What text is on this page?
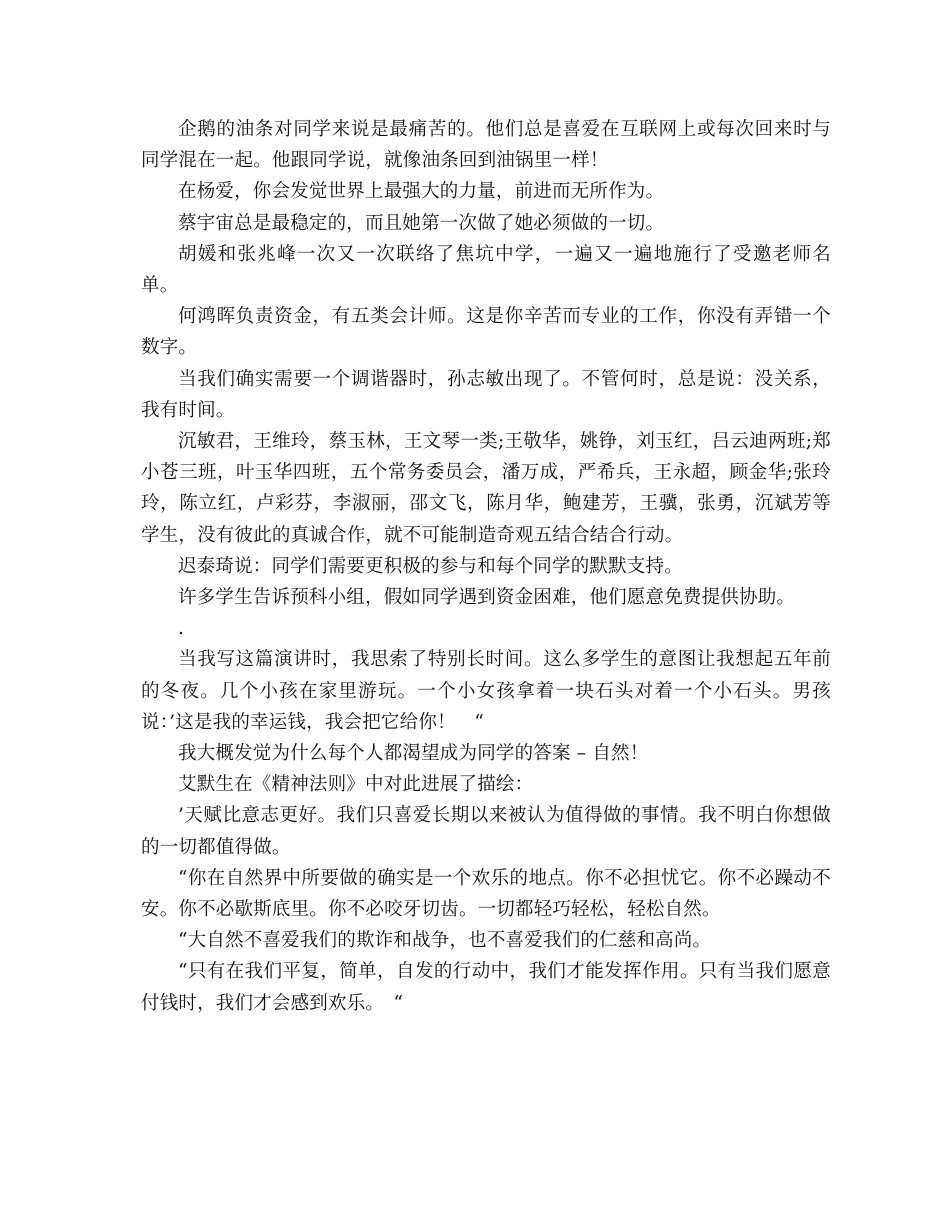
企鹅的油条对同学来说是最痛苦的。他们总是喜爱在互联网上或每次回来时与同学混在一起。他跟同学说，就像油条回到油锅里一样！

在杨爱，你会发觉世界上最强大的力量，前进而无所作为。

蔡宇宙总是最稳定的，而且她第一次做了她必须做的一切。

胡媛和张兆峰一次又一次联络了焦坑中学，一遍又一遍地施行了受邀老师名单。

何鸿晖负责资金，有五类会计师。这是你辛苦而专业的工作，你没有弄错一个数字。

当我们确实需要一个调谐器时，孙志敏出现了。不管何时，总是说：没关系，我有时间。

沉敏君，王维玲，蔡玉林，王文琴一类;王敬华，姚铮，刘玉红，吕云迪两班;郑小苍三班，叶玉华四班，五个常务委员会，潘万成，严希兵，王永超，顾金华;张玲玲，陈立红，卢彩芬，李淑丽，邵文飞，陈月华，鲍建芳，王骥，张勇，沉斌芳等学生，没有彼此的真诚合作，就不可能制造奇观五结合结合行动。

迟泰琦说：同学们需要更积极的参与和每个同学的默默支持。

许多学生告诉预科小组，假如同学遇到资金困难，他们愿意免费提供协助。

.

当我写这篇演讲时，我思索了特别长时间。这么多学生的意图让我想起五年前的冬夜。几个小孩在家里游玩。一个小女孩拿着一块石头对着一个小石头。男孩说：’这是我的幸运钱，我会把它给你！　“

我大概发觉为什么每个人都渴望成为同学的答案 – 自然！

艾默生在《精神法则》中对此进展了描绘：

’天赋比意志更好。我们只喜爱长期以来被认为值得做的事情。我不明白你想做的一切都值得做。

“你在自然界中所要做的确实是一个欢乐的地点。你不必担忧它。你不必躁动不安。你不必歇斯底里。你不必咬牙切齿。一切都轻巧轻松，轻松自然。

“大自然不喜爱我们的欺诈和战争，也不喜爱我们的仁慈和高尚。

“只有在我们平复，简单，自发的行动中，我们才能发挥作用。只有当我们愿意付钱时，我们才会感到欢乐。　“
